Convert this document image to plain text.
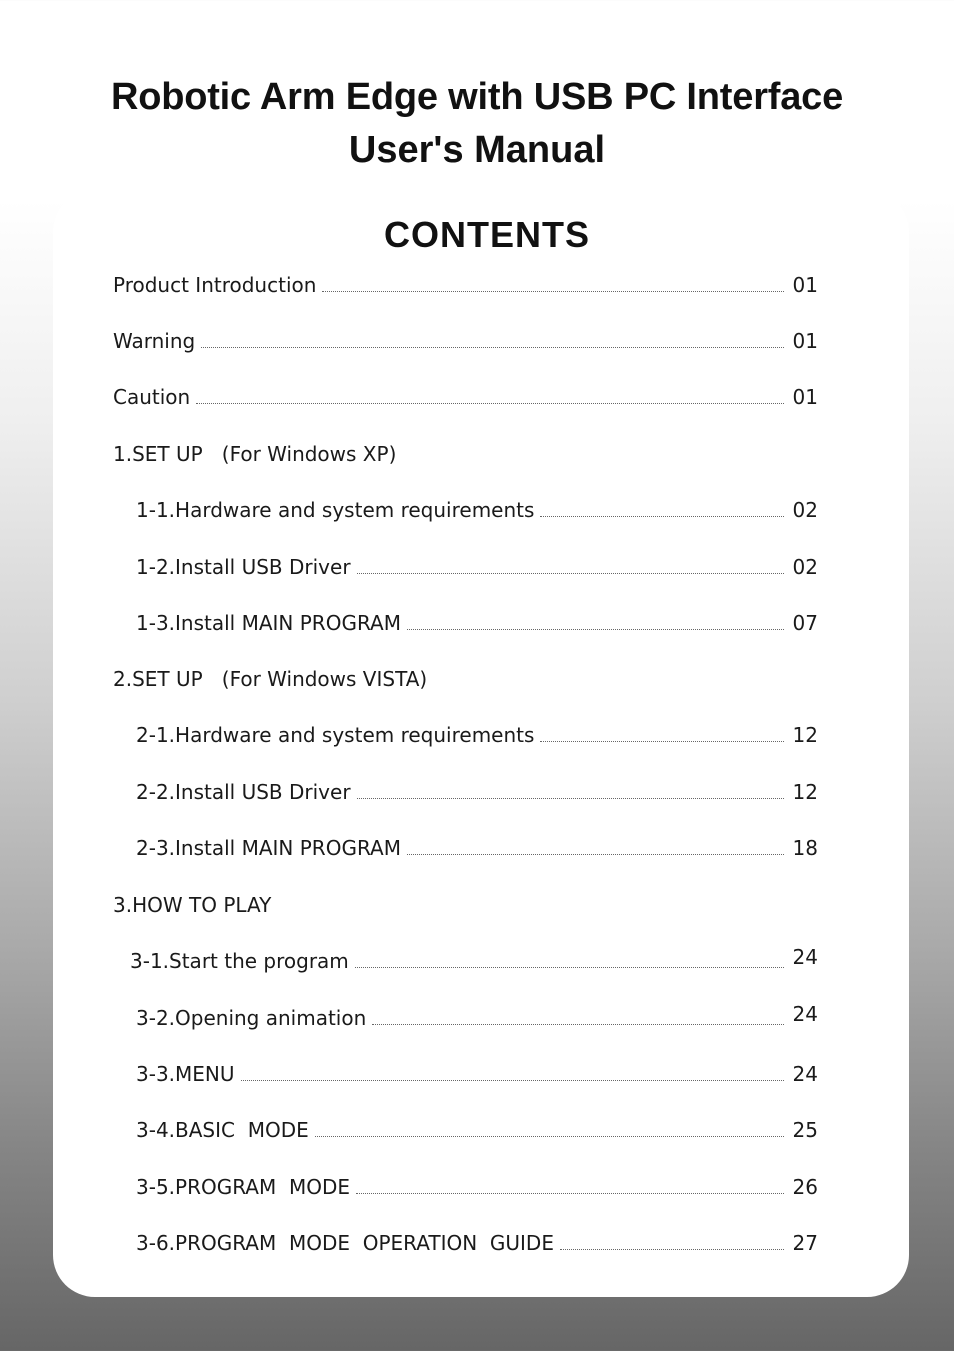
Robotic Arm Edge with USB PC Interface
User's Manual
CONTENTS
Product Introduction	01
Warning	01
Caution	01
1.SET UP   (For Windows XP)
1-1.Hardware and system requirements	02
1-2.Install USB Driver	02
1-3.Install MAIN PROGRAM	07
2.SET UP   (For Windows VISTA)
2-1.Hardware and system requirements	12
2-2.Install USB Driver	12
2-3.Install MAIN PROGRAM	18
3.HOW TO PLAY
3-1.Start the program	24
3-2.Opening animation	24
3-3.MENU	24
3-4.BASIC  MODE	25
3-5.PROGRAM  MODE	26
3-6.PROGRAM  MODE  OPERATION  GUIDE	27
